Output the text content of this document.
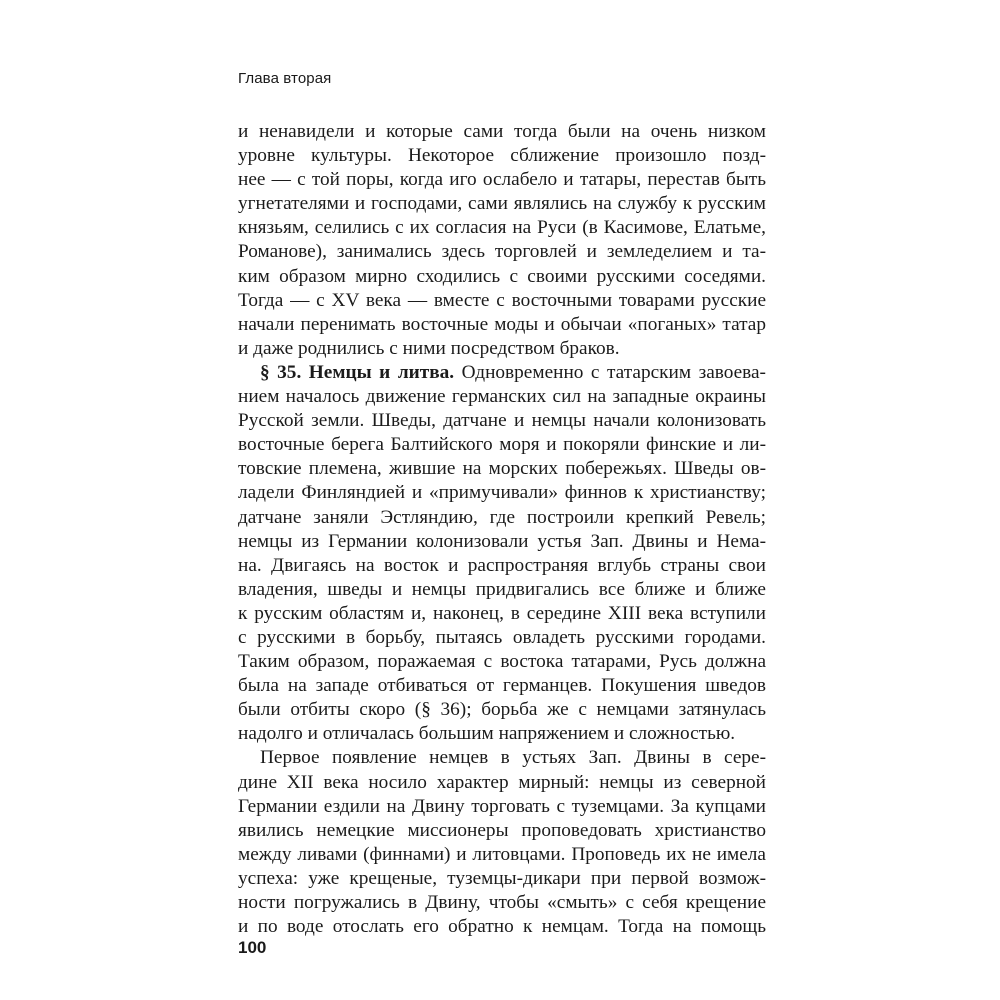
Глава вторая
и ненавидели и которые сами тогда были на очень низком
уровне культуры. Некоторое сближение произошло позд-
нее — с той поры, когда иго ослабело и татары, перестав быть
угнетателями и господами, сами являлись на службу к русским
князьям, селились с их согласия на Руси (в Касимове, Елатьме,
Романове), занимались здесь торговлей и земледелием и та-
ким образом мирно сходились с своими русскими соседями.
Тогда — с XV века — вместе с восточными товарами русские
начали перенимать восточные моды и обычаи «поганых» татар
и даже роднились с ними посредством браков.
§ 35. Немцы и литва. Одновременно с татарским завоева-
нием началось движение германских сил на западные окраины
Русской земли. Шведы, датчане и немцы начали колонизовать
восточные берега Балтийского моря и покоряли финские и ли-
товские племена, жившие на морских побережьях. Шведы ов-
ладели Финляндией и «примучивали» финнов к христианству;
датчане заняли Эстляндию, где построили крепкий Ревель;
немцы из Германии колонизовали устья Зап. Двины и Нема-
на. Двигаясь на восток и распространяя вглубь страны свои
владения, шведы и немцы придвигались все ближе и ближе
к русским областям и, наконец, в середине XIII века вступили
с русскими в борьбу, пытаясь овладеть русскими городами.
Таким образом, поражаемая с востока татарами, Русь должна
была на западе отбиваться от германцев. Покушения шведов
были отбиты скоро (§ 36); борьба же с немцами затянулась
надолго и отличалась большим напряжением и сложностью.
Первое появление немцев в устьях Зап. Двины в сере-
дине XII века носило характер мирный: немцы из северной
Германии ездили на Двину торговать с туземцами. За купцами
явились немецкие миссионеры проповедовать христианство
между ливами (финнами) и литовцами. Проповедь их не имела
успеха: уже крещеные, туземцы-дикари при первой возмож-
ности погружались в Двину, чтобы «смыть» с себя крещение
и по воде отослать его обратно к немцам. Тогда на помощь
100
